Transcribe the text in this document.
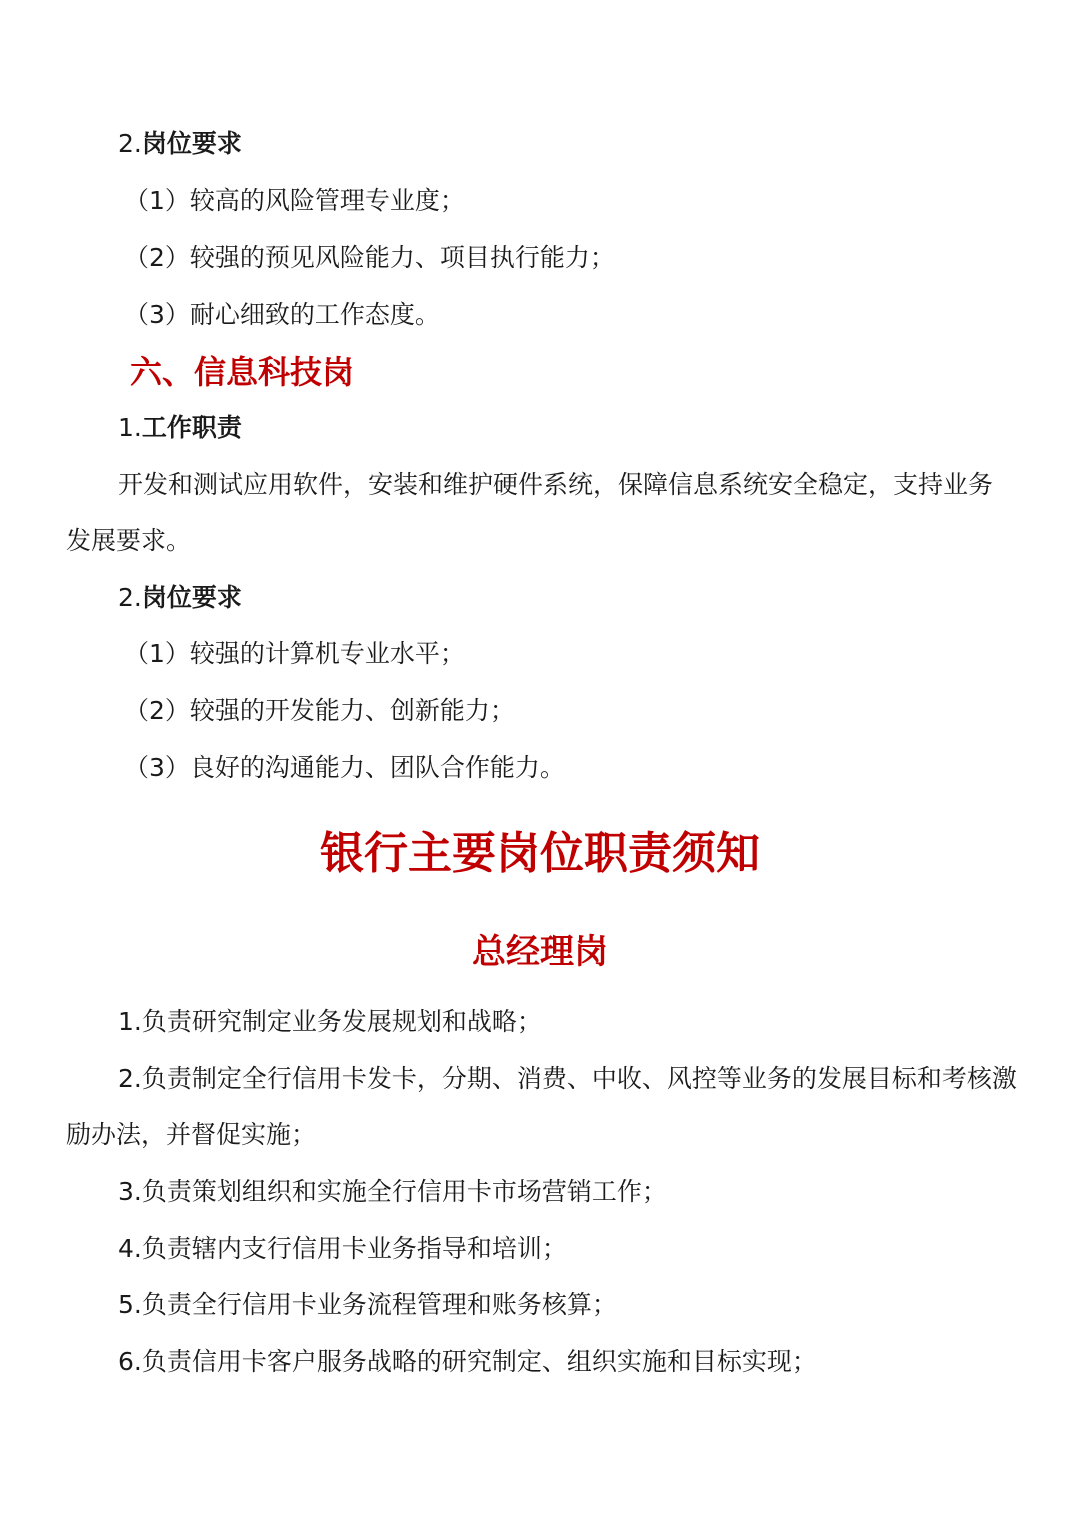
2.岗位要求
（1）较高的风险管理专业度；
（2）较强的预见风险能力、项目执行能力；
（3）耐心细致的工作态度。
六、信息科技岗
1.工作职责
开发和测试应用软件，安装和维护硬件系统，保障信息系统安全稳定，支持业务
发展要求。
2.岗位要求
（1）较强的计算机专业水平；
（2）较强的开发能力、创新能力；
（3）良好的沟通能力、团队合作能力。
银行主要岗位职责须知
总经理岗
1.负责研究制定业务发展规划和战略；
2.负责制定全行信用卡发卡，分期、消费、中收、风控等业务的发展目标和考核激
励办法，并督促实施；
3.负责策划组织和实施全行信用卡市场营销工作；
4.负责辖内支行信用卡业务指导和培训；
5.负责全行信用卡业务流程管理和账务核算；
6.负责信用卡客户服务战略的研究制定、组织实施和目标实现；
